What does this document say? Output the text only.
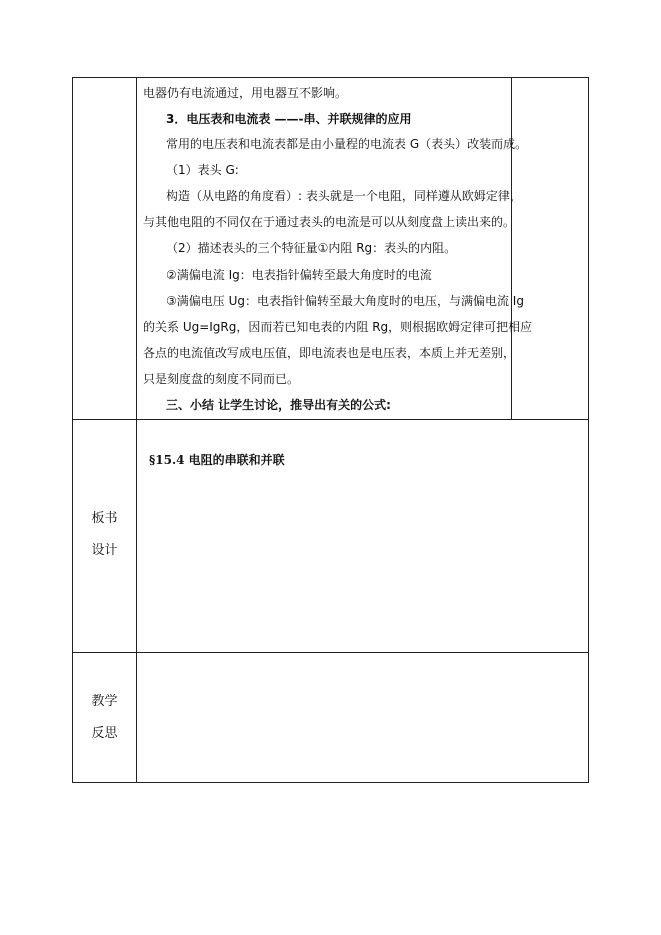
电器仍有电流通过，用电器互不影响。
3．电压表和电流表 ——-串、并联规律的应用
常用的电压表和电流表都是由小量程的电流表 G（表头）改装而成。
（1）表头 G:
构造（从电路的角度看）: 表头就是一个电阻，同样遵从欧姆定律，
与其他电阻的不同仅在于通过表头的电流是可以从刻度盘上读出来的。
（2）描述表头的三个特征量①内阻 Rg：表头的内阻。
②满偏电流 Ig：电表指针偏转至最大角度时的电流
③满偏电压 Ug：电表指针偏转至最大角度时的电压，与满偏电流 Ig
的关系 Ug=IgRg，因而若已知电表的内阻 Rg，则根据欧姆定律可把相应
各点的电流值改写成电压值，即电流表也是电压表，本质上并无差别，
只是刻度盘的刻度不同而已。
三、小结 让学生讨论，推导出有关的公式:
板书
设计
§15.4 电阻的串联和并联
教学
反思
